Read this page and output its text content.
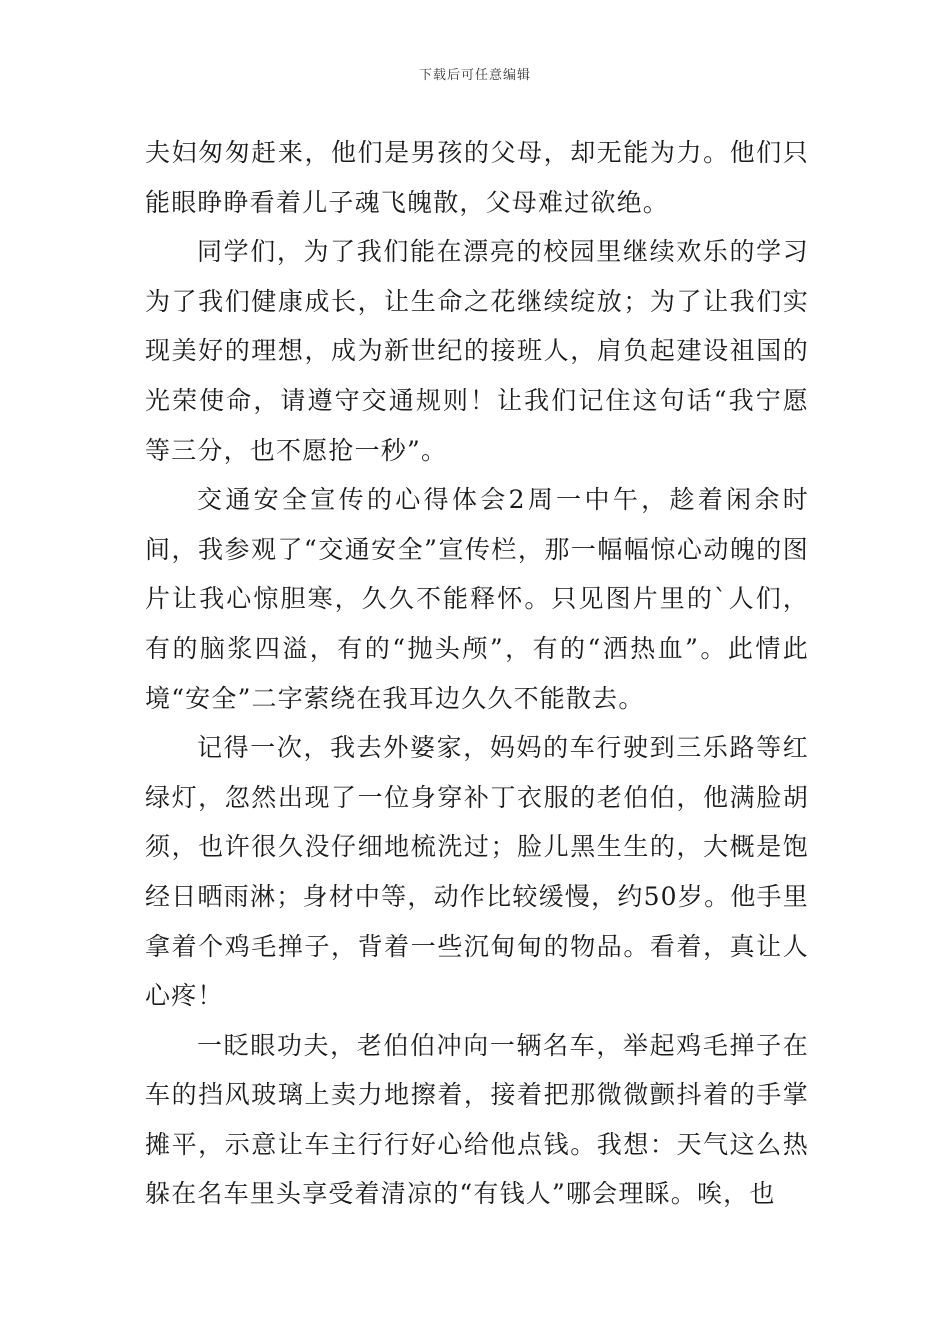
下载后可任意编辑

夫妇匆匆赶来，他们是男孩的父母，却无能为力。他们只能眼睁睁看着儿子魂飞魄散，父母难过欲绝。

同学们，为了我们能在漂亮的校园里继续欢乐的学习为了我们健康成长，让生命之花继续绽放；为了让我们实现美好的理想，成为新世纪的接班人，肩负起建设祖国的光荣使命，请遵守交通规则！让我们记住这句话“我宁愿等三分，也不愿抢一秒”。

交通安全宣传的心得体会2周一中午，趁着闲余时间，我参观了“交通安全”宣传栏，那一幅幅惊心动魄的图片让我心惊胆寒，久久不能释怀。只见图片里的`人们，有的脑浆四溢，有的“抛头颅”，有的“洒热血”。此情此境“安全”二字萦绕在我耳边久久不能散去。

记得一次，我去外婆家，妈妈的车行驶到三乐路等红绿灯，忽然出现了一位身穿补丁衣服的老伯伯，他满脸胡须，也许很久没仔细地梳洗过；脸儿黑生生的，大概是饱经日晒雨淋；身材中等，动作比较缓慢，约50岁。他手里拿着个鸡毛掸子，背着一些沉甸甸的物品。看着，真让人心疼！

一眨眼功夫，老伯伯冲向一辆名车，举起鸡毛掸子在车的挡风玻璃上卖力地擦着，接着把那微微颤抖着的手掌摊平，示意让车主行行好心给他点钱。我想：天气这么热躲在名车里头享受着清凉的“有钱人”哪会理睬。唉，也
